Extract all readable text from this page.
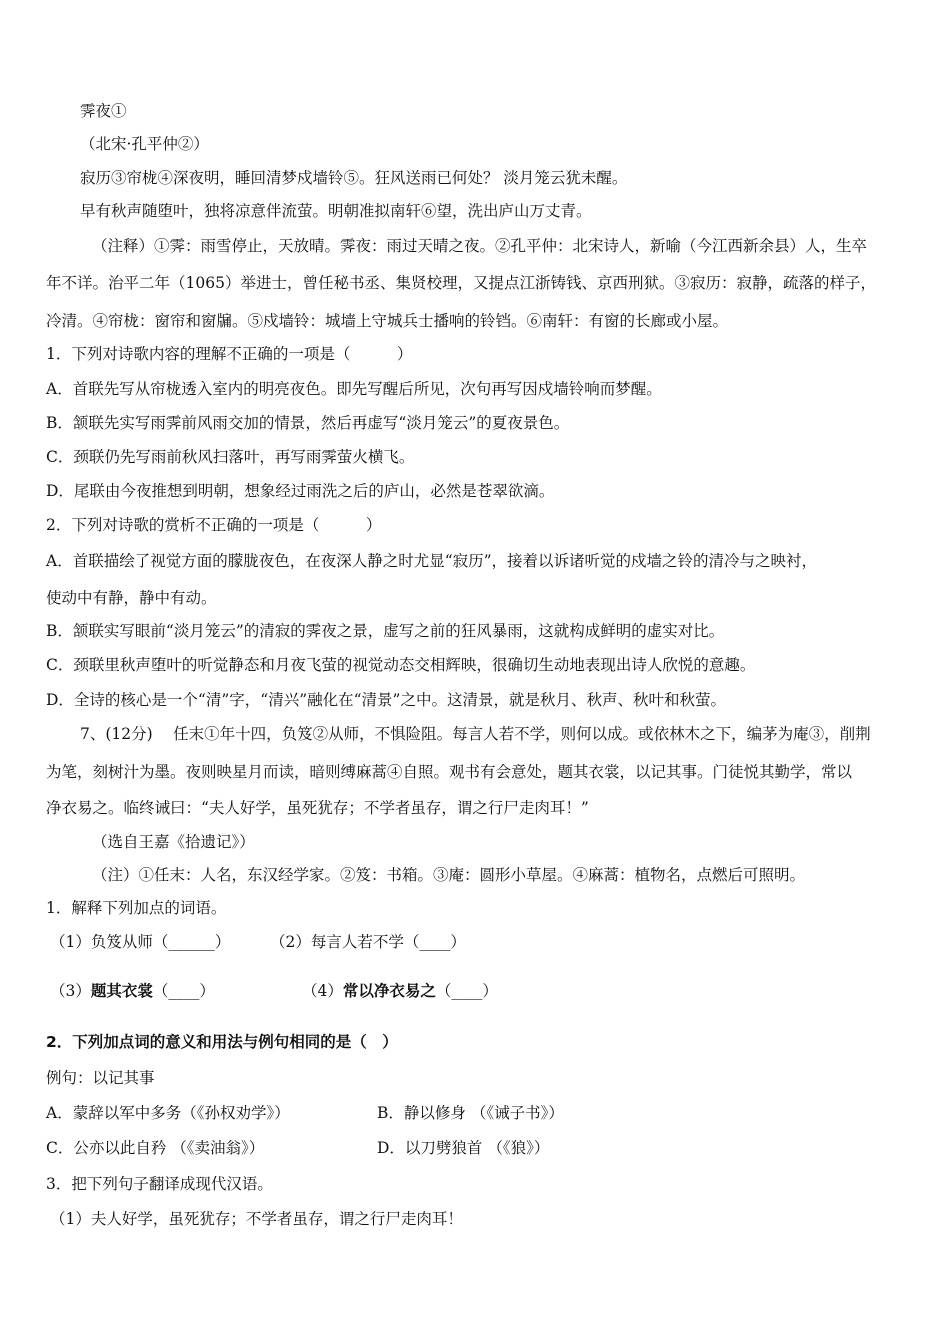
霁夜①
（北宋·孔平仲②）
寂历③帘栊④深夜明，睡回清梦戍墙铃⑤。狂风送雨已何处？ 淡月笼云犹未醒。
早有秋声随堕叶，独将凉意伴流萤。明朝准拟南轩⑥望，洗出庐山万丈青。
（注释）①霁：雨雪停止，天放晴。霁夜：雨过天晴之夜。②孔平仲：北宋诗人，新喻（今江西新余县）人，生卒
年不详。治平二年（1065）举进士，曾任秘书丞、集贤校理，又提点江浙铸钱、京西刑狱。③寂历：寂静，疏落的样子，
冷清。④帘栊：窗帘和窗牖。⑤戍墙铃：城墙上守城兵士播响的铃铛。⑥南轩：有窗的长廊或小屋。
1．下列对诗歌内容的理解不正确的一项是（　　　）
A．首联先写从帘栊透入室内的明亮夜色。即先写醒后所见，次句再写因戍墙铃响而梦醒。
B．颔联先实写雨霁前风雨交加的情景，然后再虚写“淡月笼云”的夏夜景色。
C．颈联仍先写雨前秋风扫落叶，再写雨霁萤火横飞。
D．尾联由今夜推想到明朝，想象经过雨洗之后的庐山，必然是苍翠欲滴。
2．下列对诗歌的赏析不正确的一项是（　　　）
A．首联描绘了视觉方面的朦胧夜色，在夜深人静之时尤显“寂历”，接着以诉诸听觉的戍墙之铃的清冷与之映衬，
使动中有静，静中有动。
B．颔联实写眼前“淡月笼云”的清寂的霁夜之景，虚写之前的狂风暴雨，这就构成鲜明的虚实对比。
C．颈联里秋声堕叶的听觉静态和月夜飞萤的视觉动态交相辉映，很确切生动地表现出诗人欣悦的意趣。
D．全诗的核心是一个“清”字，“清兴”融化在“清景”之中。这清景，就是秋月、秋声、秋叶和秋萤。
7、(12分)　 任末①年十四，负笈②从师，不惧险阻。每言人若不学，则何以成。或依林木之下，编茅为庵③，削荆
为笔，刻树汁为墨。夜则映星月而读，暗则缚麻蒿④自照。观书有会意处，题其衣裳，以记其事。门徒悦其勤学，常以
净衣易之。临终诫曰：“夫人好学，虽死犹存；不学者虽存，谓之行尸走肉耳！”
（选自王嘉《拾遗记》）
（注）①任末：人名，东汉经学家。②笈：书箱。③庵：圆形小草屋。④麻蒿：植物名，点燃后可照明。
1．解释下列加点的词语。
（1）负笈从师（______）	（2）每言人若不学（____）
（3）题其衣裳（____）	（4）常以净衣易之（____）
2．下列加点词的意义和用法与例句相同的是（　）
例句：以记其事
A．蒙辞以军中多务（《孙权劝学》）	B．静以修身 （《诫子书》）
C．公亦以此自矜 （《卖油翁》）	D．以刀劈狼首 （《狼》）
3．把下列句子翻译成现代汉语。
（1）夫人好学，虽死犹存；不学者虽存，谓之行尸走肉耳！
